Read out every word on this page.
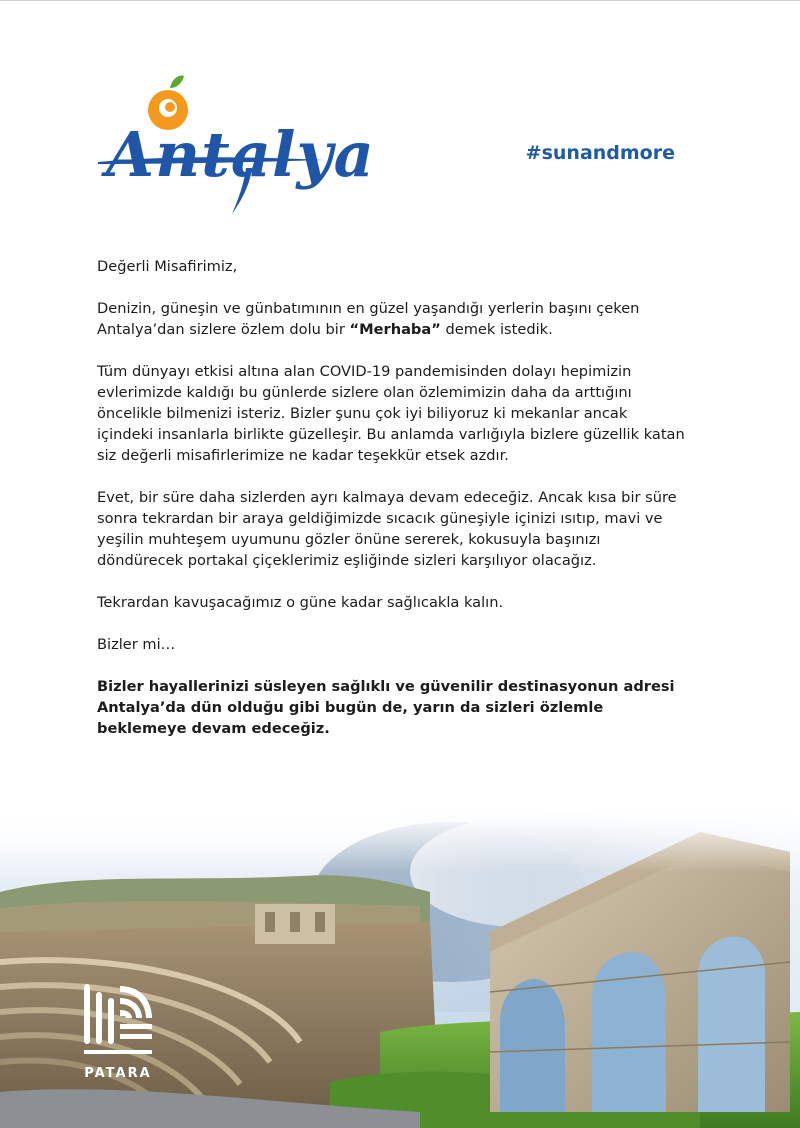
Antalya	#sunandmore

Değerli Misafirimiz,

Denizin, güneşin ve günbatımının en güzel yaşandığı yerlerin başını çeken Antalya’dan sizlere özlem dolu bir “Merhaba” demek istedik.

Tüm dünyayı etkisi altına alan COVID-19 pandemisinden dolayı hepimizin evlerimizde kaldığı bu günlerde sizlere olan özlemimizin daha da arttığını öncelikle bilmenizi isteriz. Bizler şunu çok iyi biliyoruz ki mekanlar ancak içindeki insanlarla birlikte güzelleşir. Bu anlamda varlığıyla bizlere güzellik katan siz değerli misafirlerimize ne kadar teşekkür etsek azdır.

Evet, bir süre daha sizlerden ayrı kalmaya devam edeceğiz. Ancak kısa bir süre sonra tekrardan bir araya geldiğimizde sıcacık güneşiyle içinizi ısıtıp, mavi ve yeşilin muhteşem uyumunu gözler önüne sererek, kokusuyla başınızı döndürecek portakal çiçeklerimiz eşliğinde sizleri karşılıyor olacağız.

Tekrardan kavuşacağımız o güne kadar sağlıcakla kalın.

Bizler mi…

Bizler hayallerinizi süsleyen sağlıklı ve güvenilir destinasyonun adresi Antalya’da dün olduğu gibi bugün de, yarın da sizleri özlemle beklemeye devam edeceğiz.

PATARA
